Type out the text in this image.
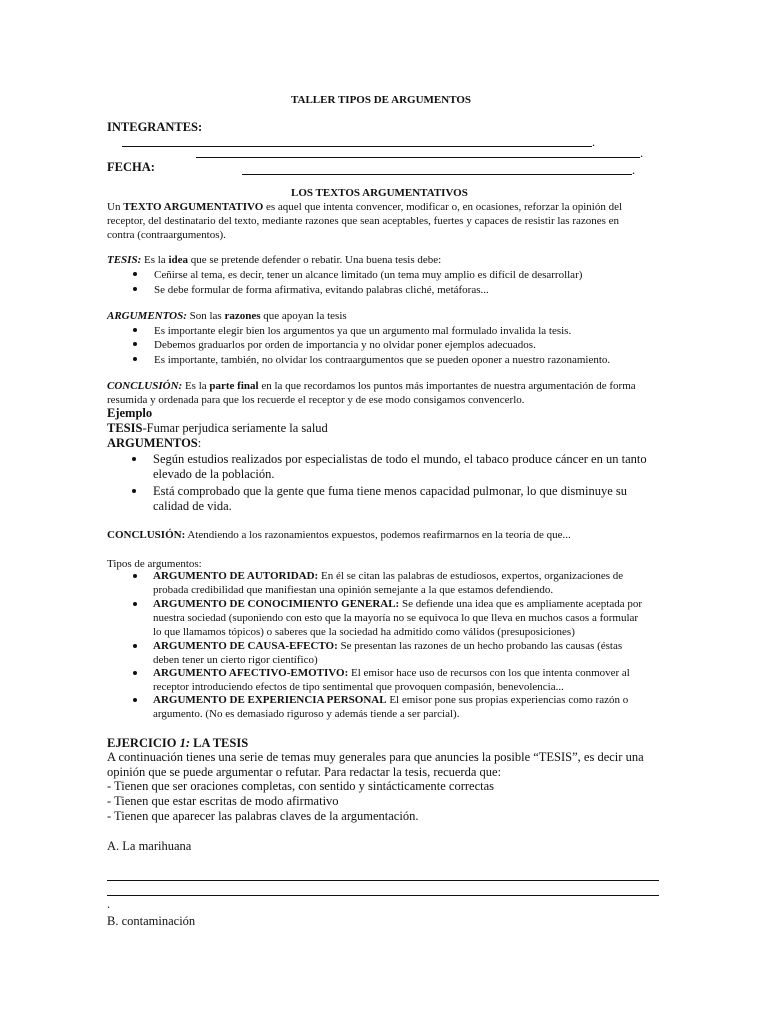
TALLER TIPOS DE ARGUMENTOS
INTEGRANTES:
.
.
FECHA:	.
LOS TEXTOS ARGUMENTATIVOS
Un TEXTO ARGUMENTATIVO es aquel que intenta convencer, modificar o, en ocasiones, reforzar la opinión del
receptor, del destinatario del texto, mediante razones que sean aceptables, fuertes y capaces de resistir las razones en
contra (contraargumentos).
TESIS: Es la idea que se pretende defender o rebatir. Una buena tesis debe:
Ceñirse al tema, es decir, tener un alcance limitado (un tema muy amplio es difícil de desarrollar)
Se debe formular de forma afirmativa, evitando palabras cliché, metáforas...
ARGUMENTOS: Son las razones que apoyan la tesis
Es importante elegir bien los argumentos ya que un argumento mal formulado invalida la tesis.
Debemos graduarlos por orden de importancia y no olvidar poner ejemplos adecuados.
Es importante, también, no olvidar los contraargumentos que se pueden oponer a nuestro razonamiento.
CONCLUSIÓN: Es la parte final en la que recordamos los puntos más importantes de nuestra argumentación de forma
resumida y ordenada para que los recuerde el receptor y de ese modo consigamos convencerlo.
Ejemplo
TESIS-Fumar perjudica seriamente la salud
ARGUMENTOS:
Según estudios realizados por especialistas de todo el mundo, el tabaco produce cáncer en un tanto
elevado de la población.
Está comprobado que la gente que fuma tiene menos capacidad pulmonar, lo que disminuye su
calidad de vida.
CONCLUSIÓN: Atendiendo a los razonamientos expuestos, podemos reafirmarnos en la teoría de que...
Tipos de argumentos:
ARGUMENTO DE AUTORIDAD: En él se citan las palabras de estudiosos, expertos, organizaciones de
probada credibilidad que manifiestan una opinión semejante a la que estamos defendiendo.
ARGUMENTO DE CONOCIMIENTO GENERAL: Se defiende una idea que es ampliamente aceptada por
nuestra sociedad (suponiendo con esto que la mayoría no se equivoca lo que lleva en muchos casos a formular
lo que llamamos tópicos) o saberes que la sociedad ha admitido como válidos (presuposiciones)
ARGUMENTO DE CAUSA-EFECTO: Se presentan las razones de un hecho probando las causas (éstas
deben tener un cierto rigor científico)
ARGUMENTO AFECTIVO-EMOTIVO: El emisor hace uso de recursos con los que intenta conmover al
receptor introduciendo efectos de tipo sentimental que provoquen compasión, benevolencia...
ARGUMENTO DE EXPERIENCIA PERSONAL El emisor pone sus propias experiencias como razón o
argumento. (No es demasiado riguroso y además tiende a ser parcial).
EJERCICIO 1: LA TESIS
A continuación tienes una serie de temas muy generales para que anuncies la posible “TESIS”, es decir una
opinión que se puede argumentar o refutar. Para redactar la tesis, recuerda que:
- Tienen que ser oraciones completas, con sentido y sintácticamente correctas
- Tienen que estar escritas de modo afirmativo
- Tienen que aparecer las palabras claves de la argumentación.
A. La marihuana
.
B. contaminación
